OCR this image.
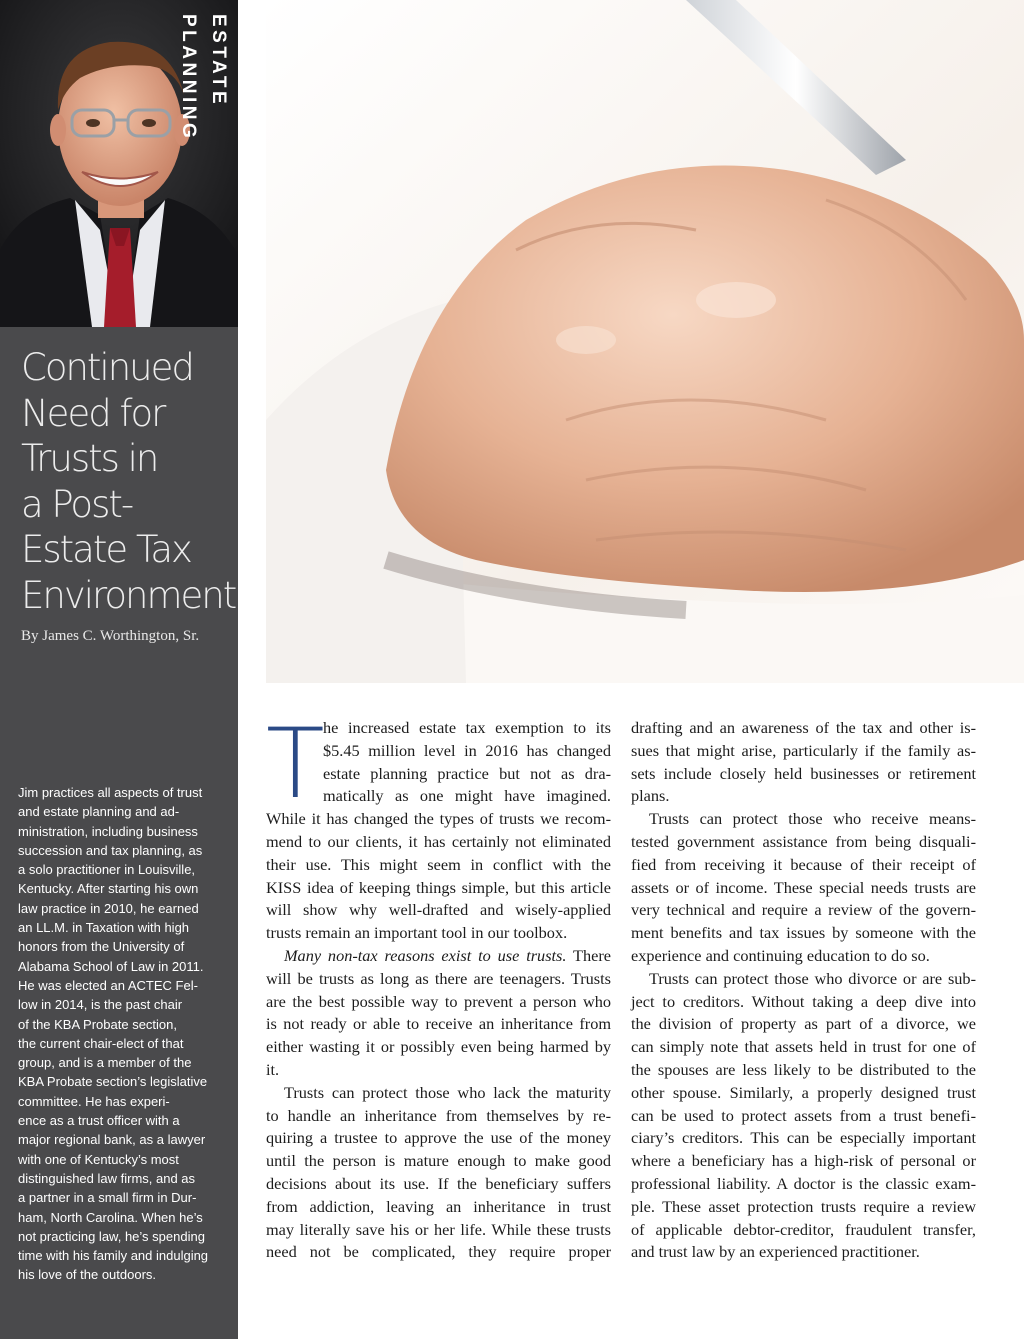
ESTATE PLANNING
Continued
Need for
Trusts in
a Post-
Estate Tax
Environment
By James C. Worthington, Sr.
Jim practices all aspects of trust
and estate planning and ad-
ministration, including business
succession and tax planning, as
a solo practitioner in Louisville,
Kentucky. After starting his own
law practice in 2010, he earned
an LL.M. in Taxation with high
honors from the University of
Alabama School of Law in 2011.
He was elected an ACTEC Fel-
low in 2014, is the past chair
of the KBA Probate section,
the current chair-elect of that
group, and is a member of the
KBA Probate section’s legislative
committee. He has experi-
ence as a trust officer with a
major regional bank, as a lawyer
with one of Kentucky’s most
distinguished law firms, and as
a partner in a small firm in Dur-
ham, North Carolina. When he’s
not practicing law, he’s spending
time with his family and indulging
his love of the outdoors.
T
he increased estate tax exemption to its
$5.45 million level in 2016 has changed
estate planning practice but not as dra-
matically as one might have imagined.

While it has changed the types of trusts we recom-
mend to our clients, it has certainly not eliminated
their use. This might seem in conflict with the
KISS idea of keeping things simple, but this article
will show why well-drafted and wisely-applied
trusts remain an important tool in our toolbox.

Many non-tax reasons exist to use trusts. There
will be trusts as long as there are teenagers. Trusts
are the best possible way to prevent a person who
is not ready or able to receive an inheritance from
either wasting it or possibly even being harmed by
it.

Trusts can protect those who lack the maturity
to handle an inheritance from themselves by re-
quiring a trustee to approve the use of the money
until the person is mature enough to make good
decisions about its use. If the beneficiary suffers
from addiction, leaving an inheritance in trust
may literally save his or her life. While these trusts
need not be complicated, they require proper

drafting and an awareness of the tax and other is-
sues that might arise, particularly if the family as-
sets include closely held businesses or retirement
plans.

Trusts can protect those who receive means-
tested government assistance from being disquali-
fied from receiving it because of their receipt of
assets or of income. These special needs trusts are
very technical and require a review of the govern-
ment benefits and tax issues by someone with the
experience and continuing education to do so.

Trusts can protect those who divorce or are sub-
ject to creditors. Without taking a deep dive into
the division of property as part of a divorce, we
can simply note that assets held in trust for one of
the spouses are less likely to be distributed to the
other spouse. Similarly, a properly designed trust
can be used to protect assets from a trust benefi-
ciary’s creditors. This can be especially important
where a beneficiary has a high-risk of personal or
professional liability. A doctor is the classic exam-
ple. These asset protection trusts require a review
of applicable debtor-creditor, fraudulent transfer,
and trust law by an experienced practitioner.
